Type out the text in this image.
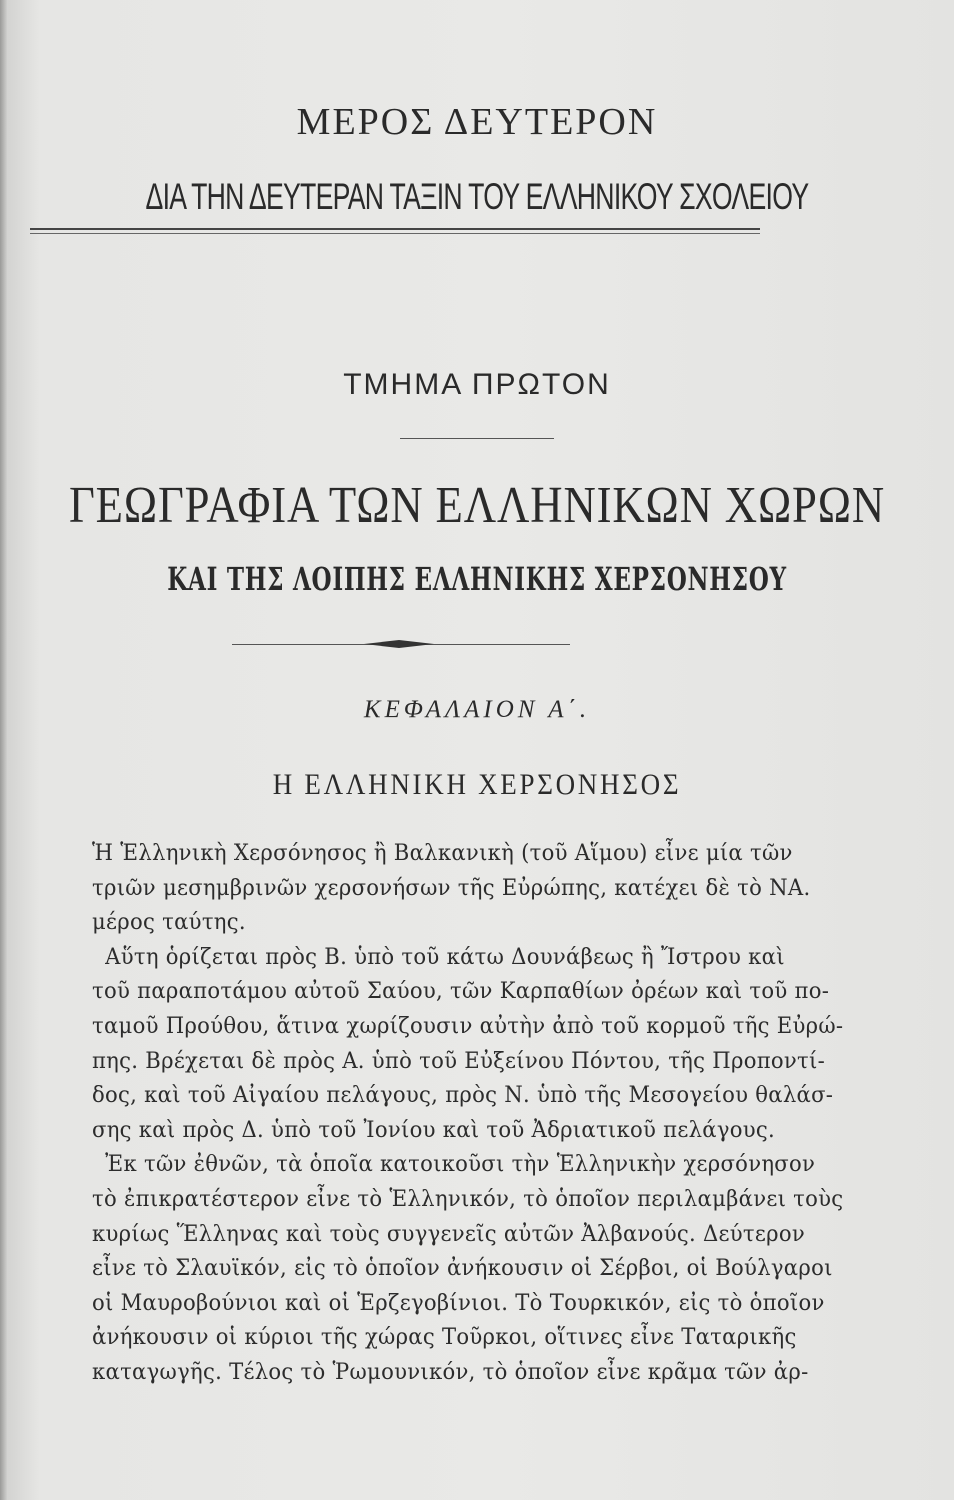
ΜΕΡΟΣ ΔΕΥΤΕΡΟΝ
ΔΙΑ ΤΗΝ ΔΕΥΤΕΡΑΝ ΤΑΞΙΝ ΤΟΥ ΕΛΛΗΝΙΚΟΥ ΣΧΟΛΕΙΟΥ
ΤΜΗΜΑ ΠΡΩΤΟΝ
ΓΕΩΓΡΑΦΙΑ ΤΩΝ ΕΛΛΗΝΙΚΩΝ ΧΩΡΩΝ
ΚΑΙ ΤΗΣ ΛΟΙΠΗΣ ΕΛΛΗΝΙΚΗΣ ΧΕΡΣΟΝΗΣΟΥ
ΚΕΦΑΛΑΙΟΝ Α΄.
Η ΕΛΛΗΝΙΚΗ ΧΕΡΣΟΝΗΣΟΣ
Ἡ Ἑλληνικὴ Χερσόνησος ἢ Βαλκανικὴ (τοῦ Αἵμου) εἶνε μία τῶν
τριῶν μεσημβρινῶν χερσονήσων τῆς Εὐρώπης, κατέχει δὲ τὸ ΝΑ.
μέρος ταύτης.
Αὕτη ὁρίζεται πρὸς Β. ὑπὸ τοῦ κάτω Δουνάβεως ἢ Ἴστρου καὶ
τοῦ παραποτάμου αὐτοῦ Σαύου, τῶν Καρπαθίων ὀρέων καὶ τοῦ πο-
ταμοῦ Προύθου, ἅτινα χωρίζουσιν αὐτὴν ἀπὸ τοῦ κορμοῦ τῆς Εὐρώ-
πης. Βρέχεται δὲ πρὸς Α. ὑπὸ τοῦ Εὐξείνου Πόντου, τῆς Προποντί-
δος, καὶ τοῦ Αἰγαίου πελάγους, πρὸς Ν. ὑπὸ τῆς Μεσογείου θαλάσ-
σης καὶ πρὸς Δ. ὑπὸ τοῦ Ἰονίου καὶ τοῦ Ἀδριατικοῦ πελάγους.
Ἐκ τῶν ἐθνῶν, τὰ ὁποῖα κατοικοῦσι τὴν Ἑλληνικὴν χερσόνησον
τὸ ἐπικρατέστερον εἶνε τὸ Ἑλληνικόν, τὸ ὁποῖον περιλαμβάνει τοὺς
κυρίως Ἕλληνας καὶ τοὺς συγγενεῖς αὐτῶν Ἀλβανούς. Δεύτερον
εἶνε τὸ Σλαυϊκόν, εἰς τὸ ὁποῖον ἀνήκουσιν οἱ Σέρβοι, οἱ Βούλγαροι
οἱ Μαυροβούνιοι καὶ οἱ Ἑρζεγοβίνιοι. Τὸ Τουρκικόν, εἰς τὸ ὁποῖον
ἀνήκουσιν οἱ κύριοι τῆς χώρας Τοῦρκοι, οἵτινες εἶνε Ταταρικῆς
καταγωγῆς. Τέλος τὸ Ῥωμουνικόν, τὸ ὁποῖον εἶνε κρᾶμα τῶν ἀρ-
